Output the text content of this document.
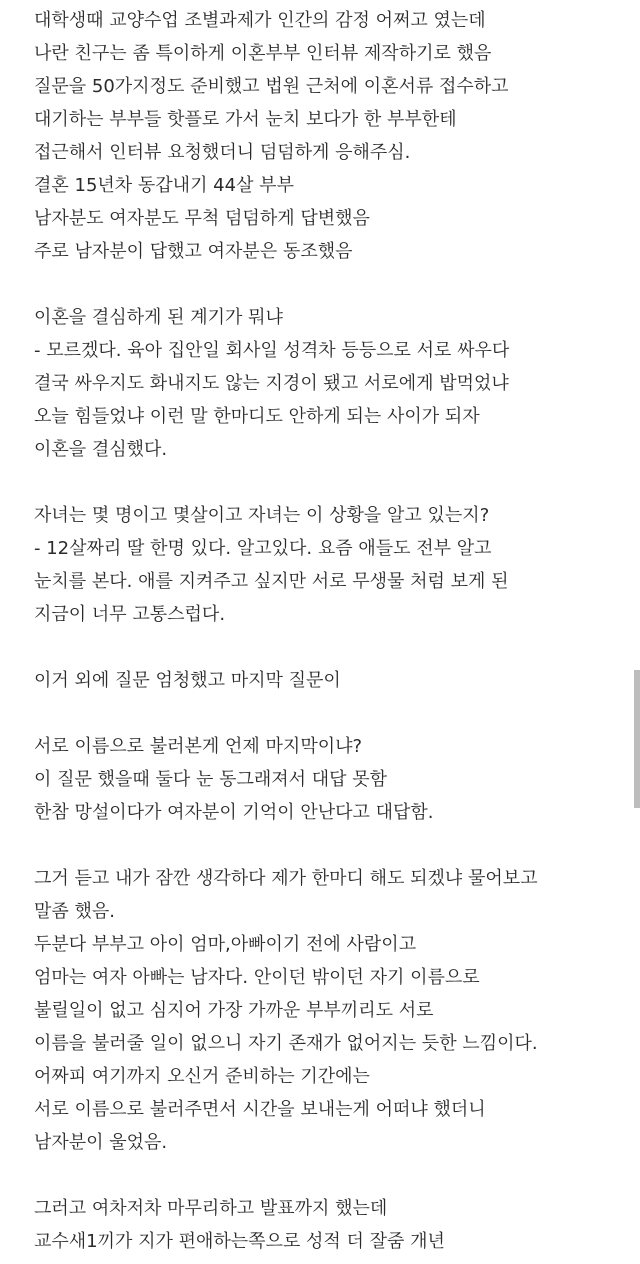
대학생때 교양수업 조별과제가 인간의 감정 어쩌고 였는데
나란 친구는 좀 특이하게 이혼부부 인터뷰 제작하기로 했음
질문을 50가지정도 준비했고 법원 근처에 이혼서류 접수하고
대기하는 부부들 핫플로 가서 눈치 보다가 한 부부한테
접근해서 인터뷰 요청했더니 덤덤하게 응해주심.
결혼 15년차 동갑내기 44살 부부
남자분도 여자분도 무척 덤덤하게 답변했음
주로 남자분이 답했고 여자분은 동조했음
이혼을 결심하게 된 계기가 뭐냐
- 모르겠다. 육아 집안일 회사일 성격차 등등으로 서로 싸우다
결국 싸우지도 화내지도 않는 지경이 됐고 서로에게 밥먹었냐
오늘 힘들었냐 이런 말 한마디도 안하게 되는 사이가 되자
이혼을 결심했다.
자녀는 몇 명이고 몇살이고 자녀는 이 상황을 알고 있는지?
- 12살짜리 딸 한명 있다. 알고있다. 요즘 애들도 전부 알고
눈치를 본다. 애를 지켜주고 싶지만 서로 무생물 처럼 보게 된
지금이 너무 고통스럽다.
이거 외에 질문 엄청했고 마지막 질문이
서로 이름으로 불러본게 언제 마지막이냐?
이 질문 했을때 둘다 눈 동그래져서 대답 못함
한참 망설이다가 여자분이 기억이 안난다고 대답함.
그거 듣고 내가 잠깐 생각하다 제가 한마디 해도 되겠냐 물어보고
말좀 했음.
두분다 부부고 아이 엄마,아빠이기 전에 사람이고
엄마는 여자 아빠는 남자다. 안이던 밖이던 자기 이름으로
불릴일이 없고 심지어 가장 가까운 부부끼리도 서로
이름을 불러줄 일이 없으니 자기 존재가 없어지는 듯한 느낌이다.
어짜피 여기까지 오신거 준비하는 기간에는
서로 이름으로 불러주면서 시간을 보내는게 어떠냐 했더니
남자분이 울었음.
그러고 여차저차 마무리하고 발표까지 했는데
교수새1끼가 지가 편애하는쪽으로 성적 더 잘줌 개년
